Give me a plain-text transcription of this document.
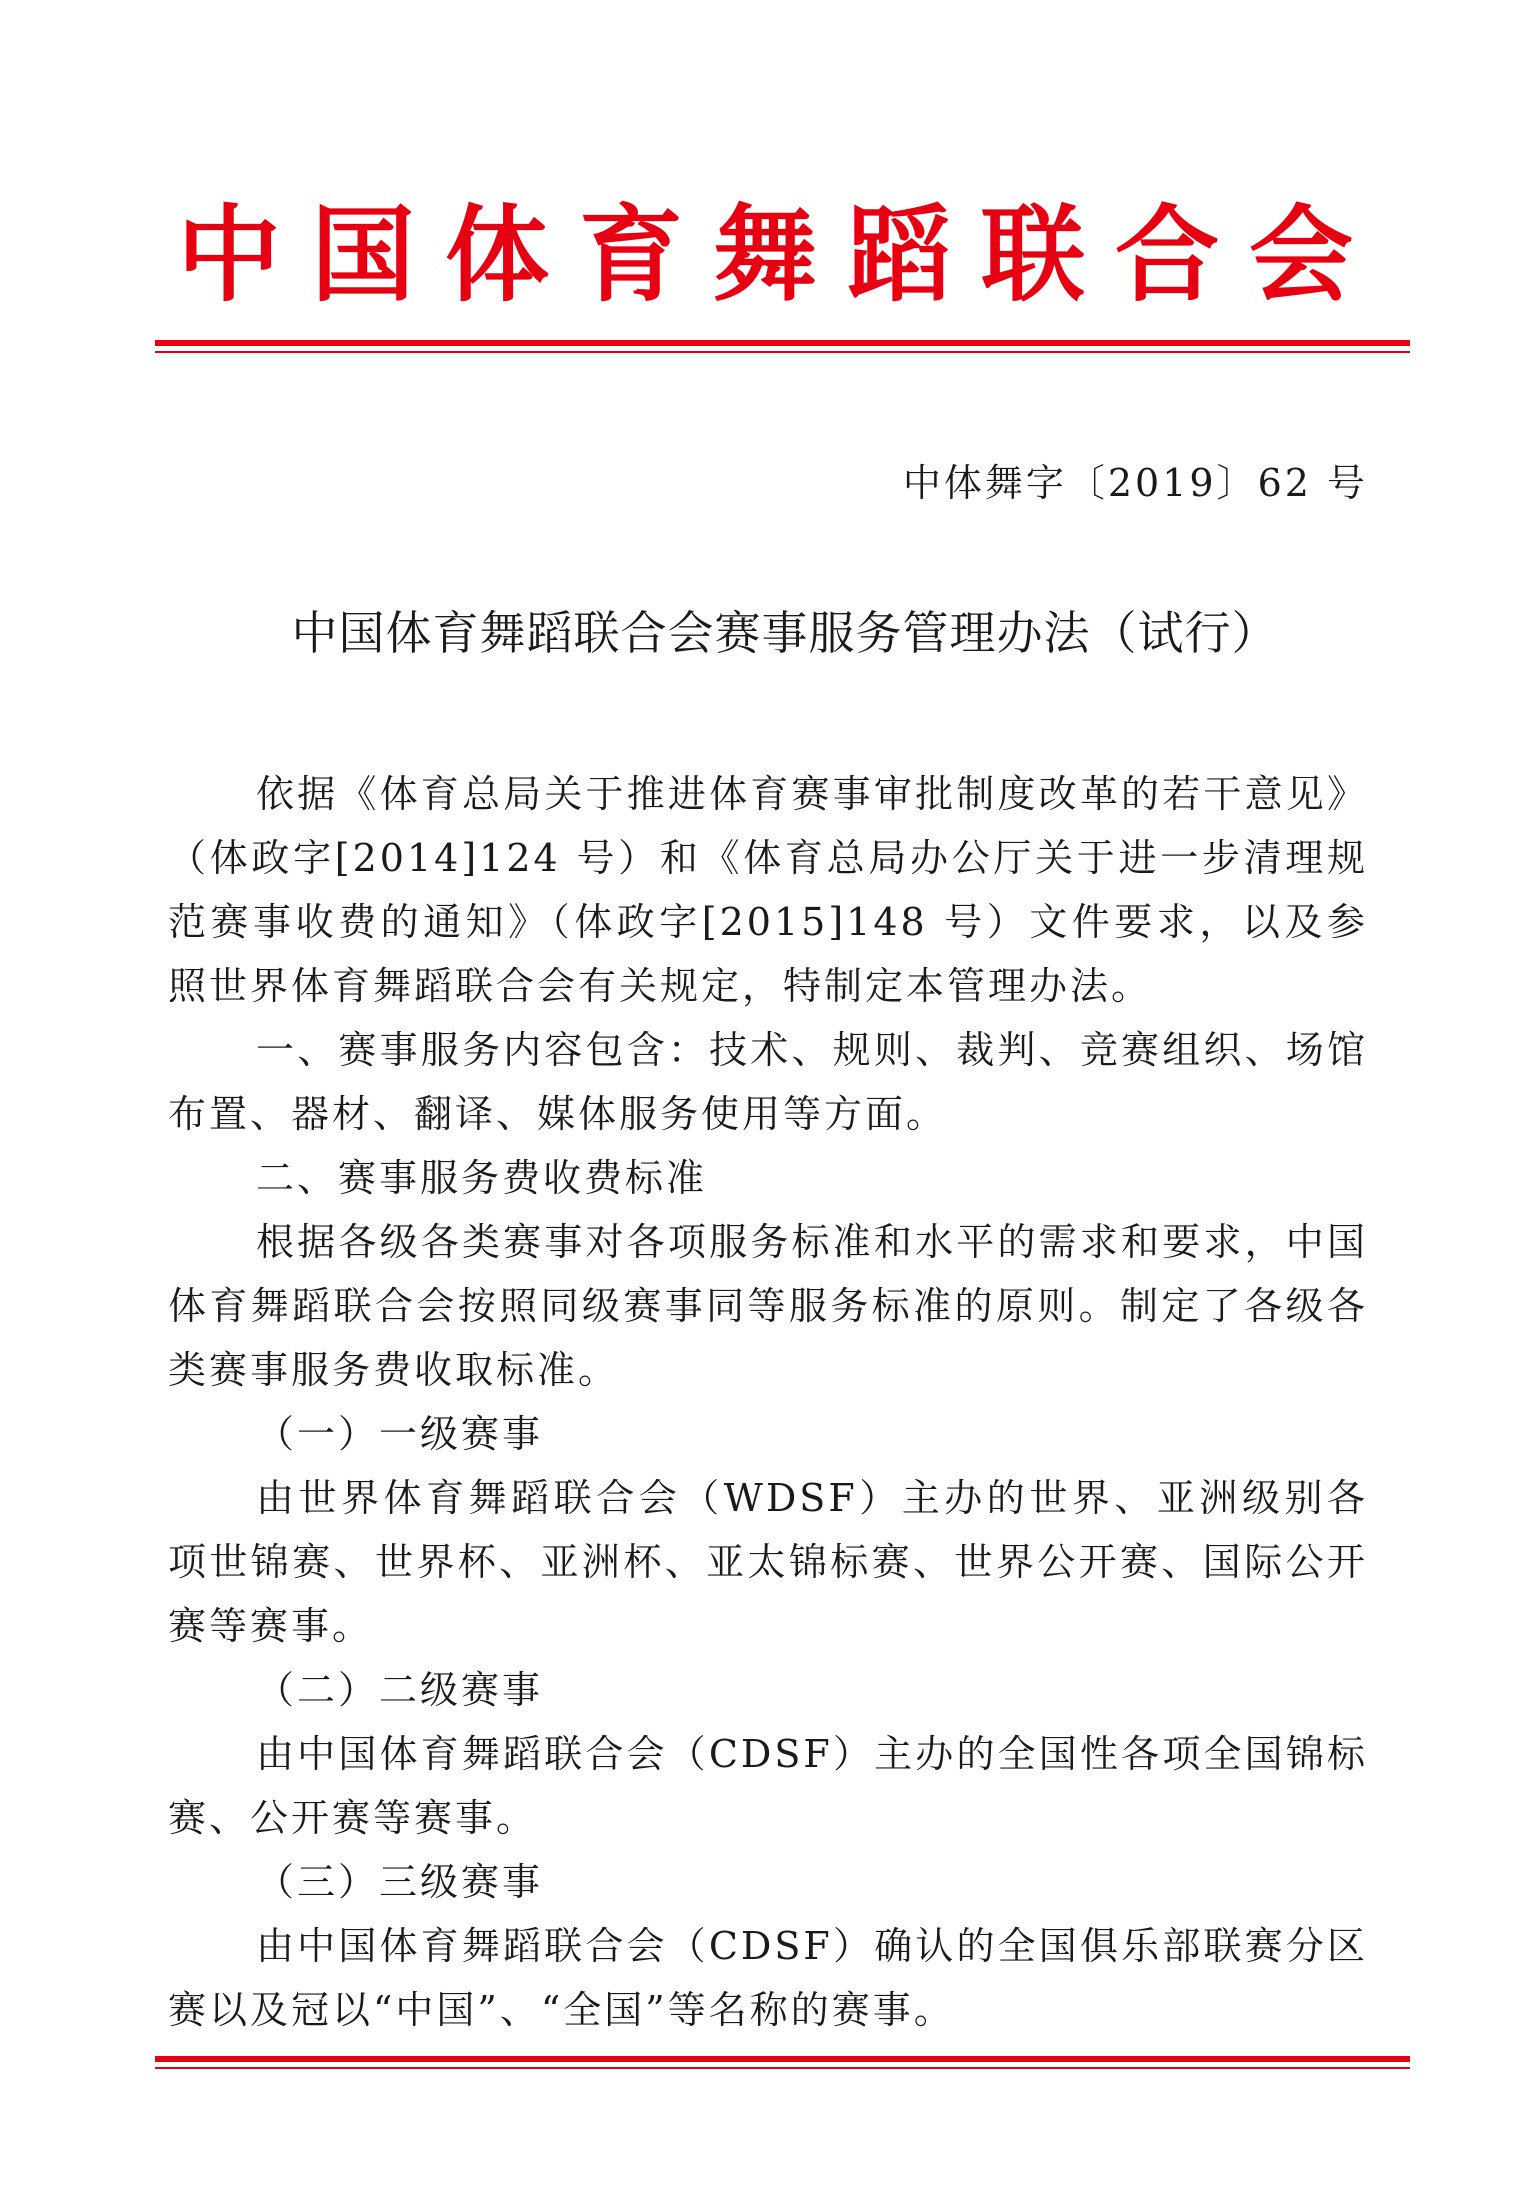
中国体育舞蹈联合会
中体舞字〔2019〕62 号
中国体育舞蹈联合会赛事服务管理办法（试行）

依据《体育总局关于推进体育赛事审批制度改革的若干意见》（体政字[2014]124 号）和《体育总局办公厅关于进一步清理规范赛事收费的通知》（体政字[2015]148 号）文件要求，以及参照世界体育舞蹈联合会有关规定，特制定本管理办法。

一、赛事服务内容包含：技术、规则、裁判、竞赛组织、场馆布置、器材、翻译、媒体服务使用等方面。

二、赛事服务费收费标准

根据各级各类赛事对各项服务标准和水平的需求和要求，中国体育舞蹈联合会按照同级赛事同等服务标准的原则。制定了各级各类赛事服务费收取标准。

（一）一级赛事

由世界体育舞蹈联合会（WDSF）主办的世界、亚洲级别各项世锦赛、世界杯、亚洲杯、亚太锦标赛、世界公开赛、国际公开赛等赛事。

（二）二级赛事

由中国体育舞蹈联合会（CDSF）主办的全国性各项全国锦标赛、公开赛等赛事。

（三）三级赛事

由中国体育舞蹈联合会（CDSF）确认的全国俱乐部联赛分区赛以及冠以“中国”、“全国”等名称的赛事。
